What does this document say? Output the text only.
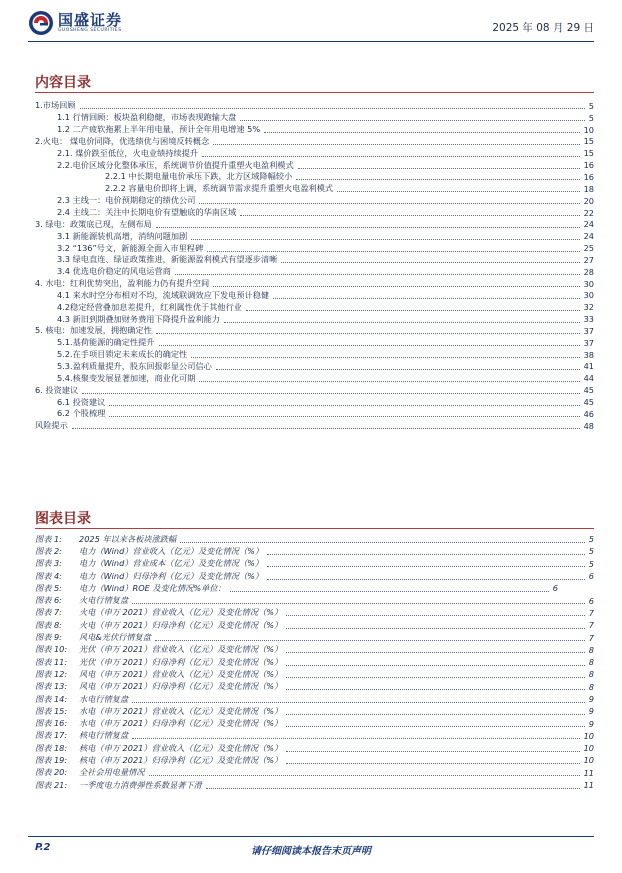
国盛证券
GUOSHENG SECURITIES	2025 年 08 月 29 日
内容目录
1.市场回顾	5
1.1 行情回顾：板块盈利稳健，市场表现跑输大盘	5
1.2 二产疲软拖累上半年用电量，预计全年用电增速 5%	10
2.火电： 煤电价同降，优选绩优与困境反转概念	15
2.1. 煤价跌至低位，火电业绩持续提升	15
2.2.电价区域分化整体承压，系统调节价值提升重塑火电盈利模式	16
2.2.1 中长期电量电价承压下跌，北方区域降幅较小	16
2.2.2 容量电价即将上调，系统调节需求提升重塑火电盈利模式	18
2.3 主线一：电价预期稳定的绩优公司	20
2.4 主线二：关注中长期电价有望触底的华南区域	22
3. 绿电：政策底已现，左侧布局	24
3.1 新能源装机高增，消纳问题加剧	24
3.2 “136”号文，新能源全面入市里程碑	25
3.3 绿电直连、绿证政策推进，新能源盈利模式有望逐步清晰	27
3.4 优选电价稳定的风电运营商	28
4. 水电：红利优势突出，盈利能力仍有提升空间	30
4.1 来水时空分布相对不均，流域联调效应下发电预计稳健	30
4.2稳定经营叠加息差提升，红利属性优于其他行业	32
4.3 新旧到期叠加财务费用下降提升盈利能力	33
5. 核电：加速发展，拥抱确定性	37
5.1.基荷能源的确定性提升	37
5.2.在手项目锁定未来成长的确定性	38
5.3.盈利质量提升，股东回报彰显公司信心	41
5.4.核聚变发展显著加速，商业化可期	44
6. 投资建议	45
6.1 投资建议	45
6.2 个股梳理	46
风险提示	48
图表目录
图表 1:	2025 年以来各板块涨跌幅	5
图表 2:	电力（Wind）营业收入（亿元）及变化情况（%）	5
图表 3:	电力（Wind）营业成本（亿元）及变化情况（%）	5
图表 4:	电力（Wind）归母净利（亿元）及变化情况（%）	6
图表 5:	电力（Wind）ROE 及变化情况%单位：	6
图表 6:	火电行情复盘	6
图表 7:	火电（申万 2021）营业收入（亿元）及变化情况（%）	7
图表 8:	火电（申万 2021）归母净利（亿元）及变化情况（%）	7
图表 9:	风电&光伏行情复盘	7
图表 10:	光伏（申万 2021）营业收入（亿元）及变化情况（%）	8
图表 11:	光伏（申万 2021）归母净利（亿元）及变化情况（%）	8
图表 12:	风电（申万 2021）营业收入（亿元）及变化情况（%）	8
图表 13:	风电（申万 2021）归母净利（亿元）及变化情况（%）	8
图表 14:	水电行情复盘	9
图表 15:	水电（申万 2021）营业收入（亿元）及变化情况（%）	9
图表 16:	水电（申万 2021）归母净利（亿元）及变化情况（%）	9
图表 17:	核电行情复盘	10
图表 18:	核电（申万 2021）营业收入（亿元）及变化情况（%）	10
图表 19:	核电（申万 2021）归母净利（亿元）及变化情况（%）	10
图表 20:	全社会用电量情况	11
图表 21:	一季度电力消费弹性系数显著下滑	11
P.2	请仔细阅读本报告末页声明
